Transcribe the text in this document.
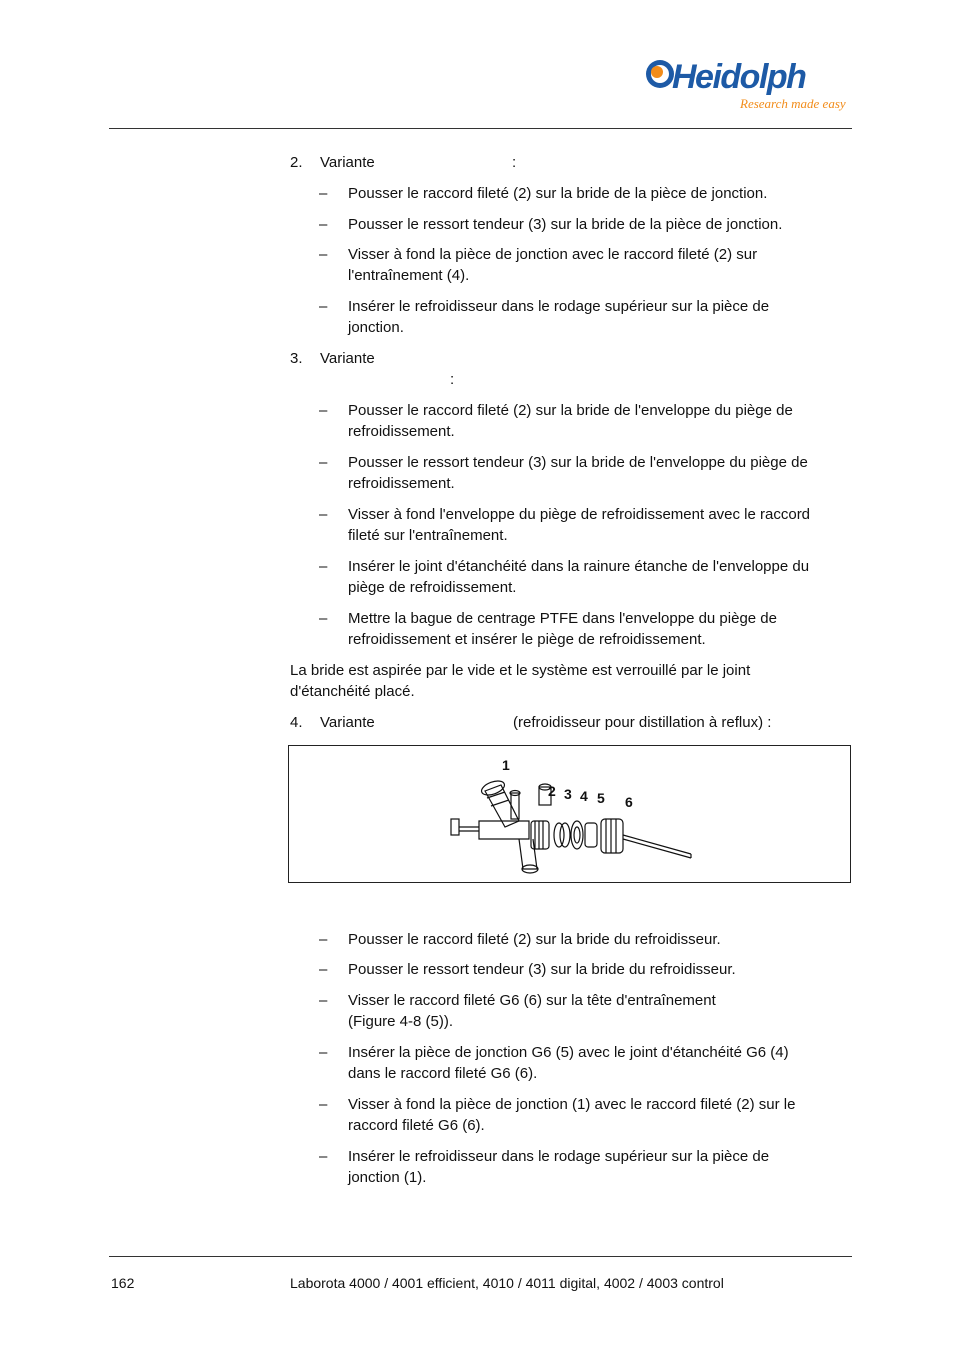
Heidolph
Research made easy
2. Variante	:
– Pousser le raccord fileté (2) sur la bride de la pièce de jonction.
– Pousser le ressort tendeur (3) sur la bride de la pièce de jonction.
– Visser à fond la pièce de jonction avec le raccord fileté (2) sur
l'entraînement (4).
– Insérer le refroidisseur dans le rodage supérieur sur la pièce de
jonction.
3. Variante
:
– Pousser le raccord fileté (2) sur la bride de l'enveloppe du piège de
refroidissement.
– Pousser le ressort tendeur (3) sur la bride de l'enveloppe du piège de
refroidissement.
– Visser à fond l'enveloppe du piège de refroidissement avec le raccord
fileté sur l'entraînement.
– Insérer le joint d'étanchéité dans la rainure étanche de l'enveloppe du
piège de refroidissement.
– Mettre la bague de centrage PTFE dans l'enveloppe du piège de
refroidissement et insérer le piège de refroidissement.
La bride est aspirée par le vide et le système est verrouillé par le joint
d'étanchéité placé.
4. Variante	(refroidisseur pour distillation à reflux) :
1
2 3 4 5 6
– Pousser le raccord fileté (2) sur la bride du refroidisseur.
– Pousser le ressort tendeur (3) sur la bride du refroidisseur.
– Visser le raccord fileté G6 (6) sur la tête d'entraînement
(Figure 4-8 (5)).
– Insérer la pièce de jonction G6 (5) avec le joint d'étanchéité G6 (4)
dans le raccord fileté G6 (6).
– Visser à fond la pièce de jonction (1) avec le raccord fileté (2) sur le
raccord fileté G6 (6).
– Insérer le refroidisseur dans le rodage supérieur sur la pièce de
jonction (1).
162	Laborota 4000 / 4001 efficient, 4010 / 4011 digital, 4002 / 4003 control
